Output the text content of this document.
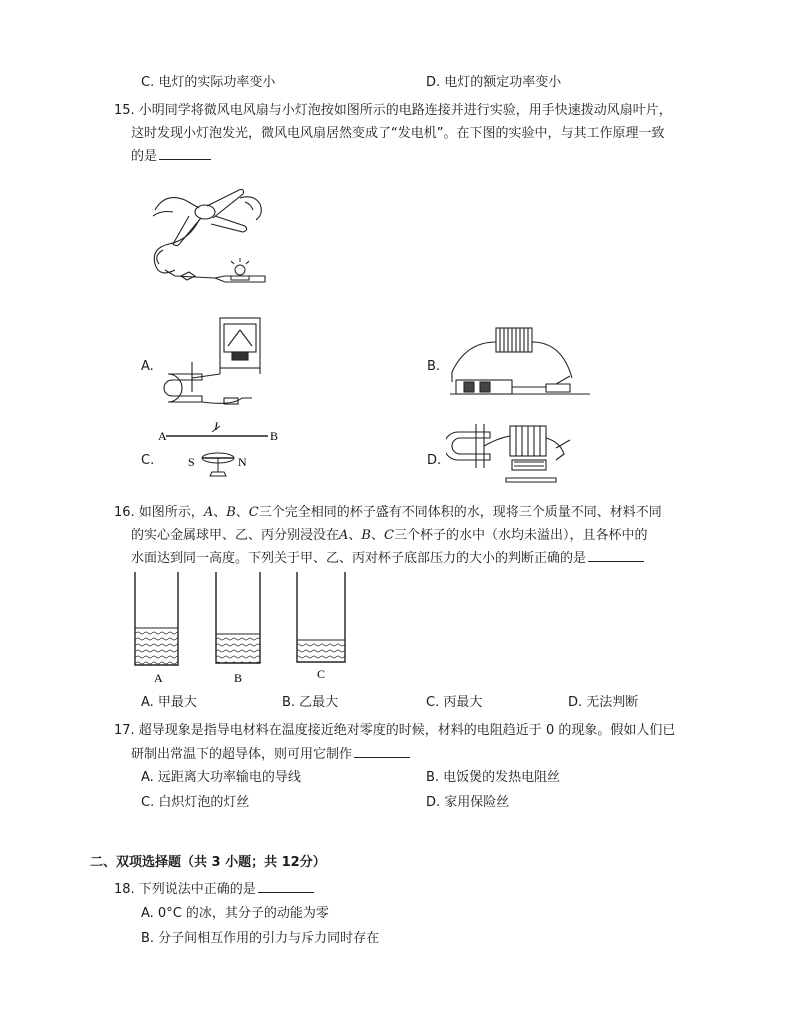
C. 电灯的实际功率变小	D. 电灯的额定功率变小
15. 小明同学将微风电风扇与小灯泡按如图所示的电路连接并进行实验，用手快速拨动风扇叶片，
这时发现小灯泡发光，微风电风扇居然变成了“发电机”。在下图的实验中，与其工作原理一致
的是
A.	B.
C.
A	B
I
S	N	D.
16. 如图所示，A、B、C三个完全相同的杯子盛有不同体积的水，现将三个质量不同、材料不同
的实心金属球甲、乙、丙分别浸没在A、B、C三个杯子的水中（水均未溢出），且各杯中的
水面达到同一高度。下列关于甲、乙、丙对杯子底部压力的大小的判断正确的是
A	B	C
A. 甲最大	B. 乙最大	C. 丙最大	D. 无法判断
17. 超导现象是指导电材料在温度接近绝对零度的时候，材料的电阻趋近于 0 的现象。假如人们已
研制出常温下的超导体，则可用它制作
A. 远距离大功率输电的导线	B. 电饭煲的发热电阻丝
C. 白炽灯泡的灯丝	D. 家用保险丝
二、双项选择题（共 3 小题；共 12分）
18. 下列说法中正确的是
A. 0°C 的冰，其分子的动能为零
B. 分子间相互作用的引力与斥力同时存在
